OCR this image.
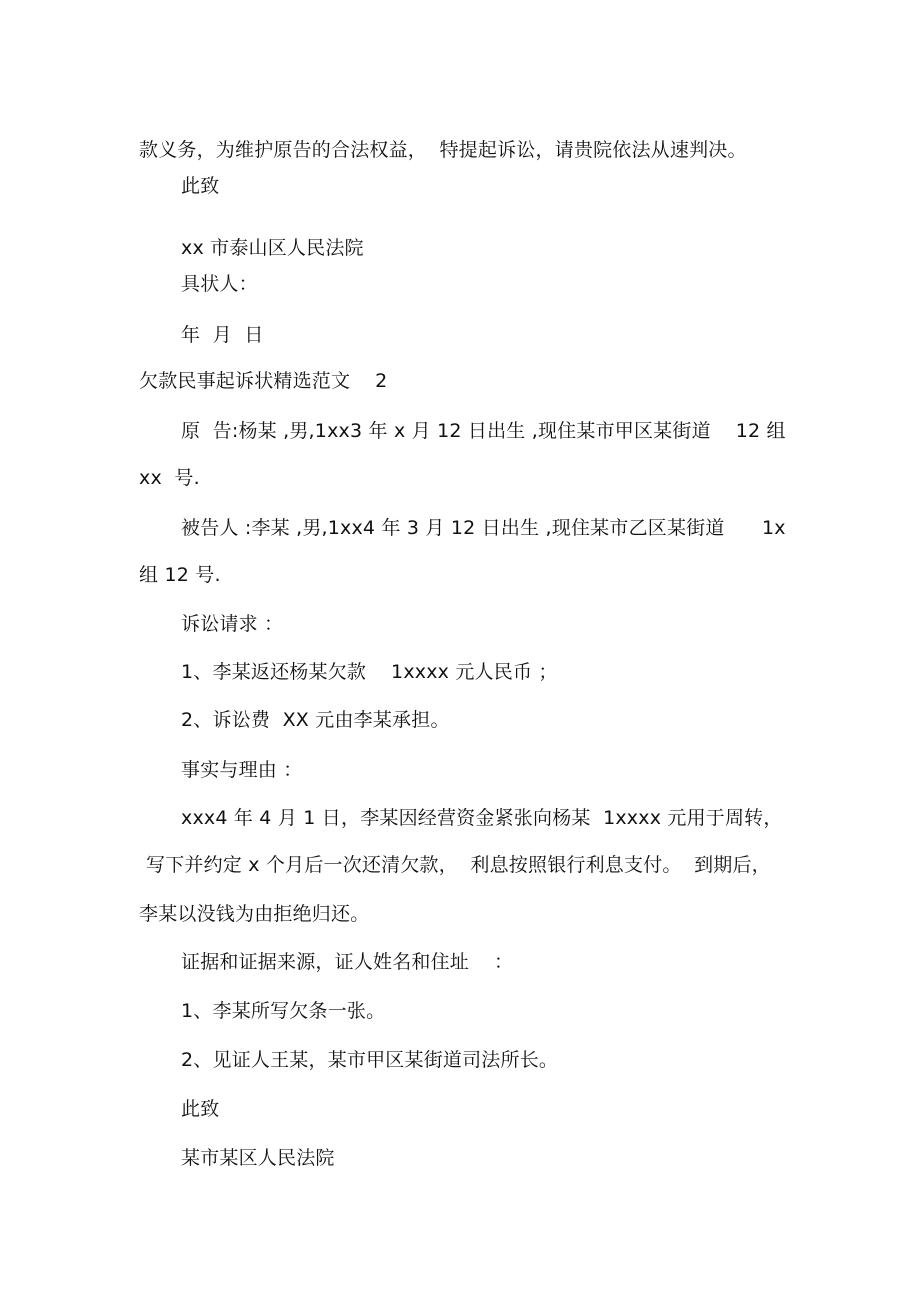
款义务，为维护原告的合法权益，  特提起诉讼，请贵院依法从速判决。
此致
xx 市泰山区人民法院
具状人：
年  月  日
欠款民事起诉状精选范文    2
原  告:杨某 ,男,1xx3 年 x 月 12 日出生 ,现住某市甲区某街道    12 组
xx  号.
被告人 :李某 ,男,1xx4 年 3 月 12 日出生 ,现住某市乙区某街道      1x
组 12 号.
诉讼请求 ：
1、李某返还杨某欠款    1xxxx 元人民币 ；
2、诉讼费  XX 元由李某承担。
事实与理由 ：
xxx4 年 4 月 1 日，李某因经营资金紧张向杨某  1xxxx 元用于周转，
写下并约定 x 个月后一次还清欠款，  利息按照银行利息支付。  到期后，
李某以没钱为由拒绝归还。
证据和证据来源，证人姓名和住址    ：
1、李某所写欠条一张。
2、见证人王某，某市甲区某街道司法所长。
此致
某市某区人民法院
